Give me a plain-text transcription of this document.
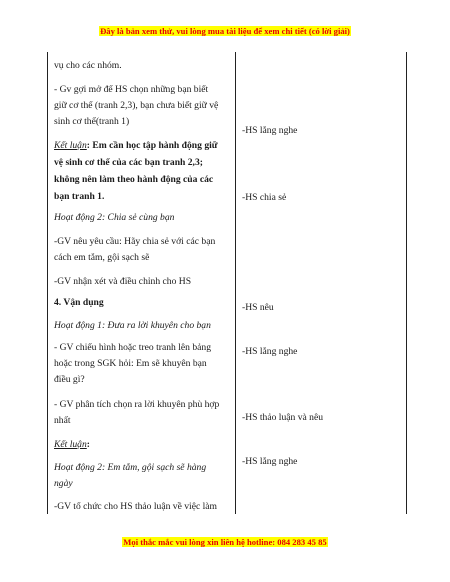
Đây là bản xem thử, vui lòng mua tài liệu để xem chi tiết (có lời giải)
vụ cho các nhóm.
- Gv gợi mở để HS chọn những bạn biết
giữ cơ thể (tranh 2,3), bạn chưa biết giữ vệ
sinh cơ thể(tranh 1)
Kết luận: Em cần học tập hành động giữ
vệ sinh cơ thể của các bạn tranh 2,3;
không nên làm theo hành động của các
bạn tranh 1.
Hoạt động 2: Chia sẻ cùng bạn
-GV nêu yêu cầu: Hãy chia sẻ với các bạn
cách em tắm, gội sạch sẽ
-GV nhận xét và điều chỉnh cho HS
4. Vận dụng
Hoạt động 1: Đưa ra lời khuyên cho bạn
- GV chiếu hình hoặc treo tranh lên bảng
hoặc trong SGK hỏi: Em sẽ khuyên bạn
điều gì?
- GV phân tích chọn ra lời khuyên phù hợp
nhất
Kết luận:
Hoạt động 2: Em tắm, gội sạch sẽ hàng
ngày
-GV tổ chức cho HS thảo luận về việc làm
-HS lắng nghe
-HS chia sẻ
-HS nêu
-HS lắng nghe
-HS thảo luận và nêu
-HS lắng nghe
Mọi thắc mắc vui lòng xin liên hệ hotline: 084 283 45 85
